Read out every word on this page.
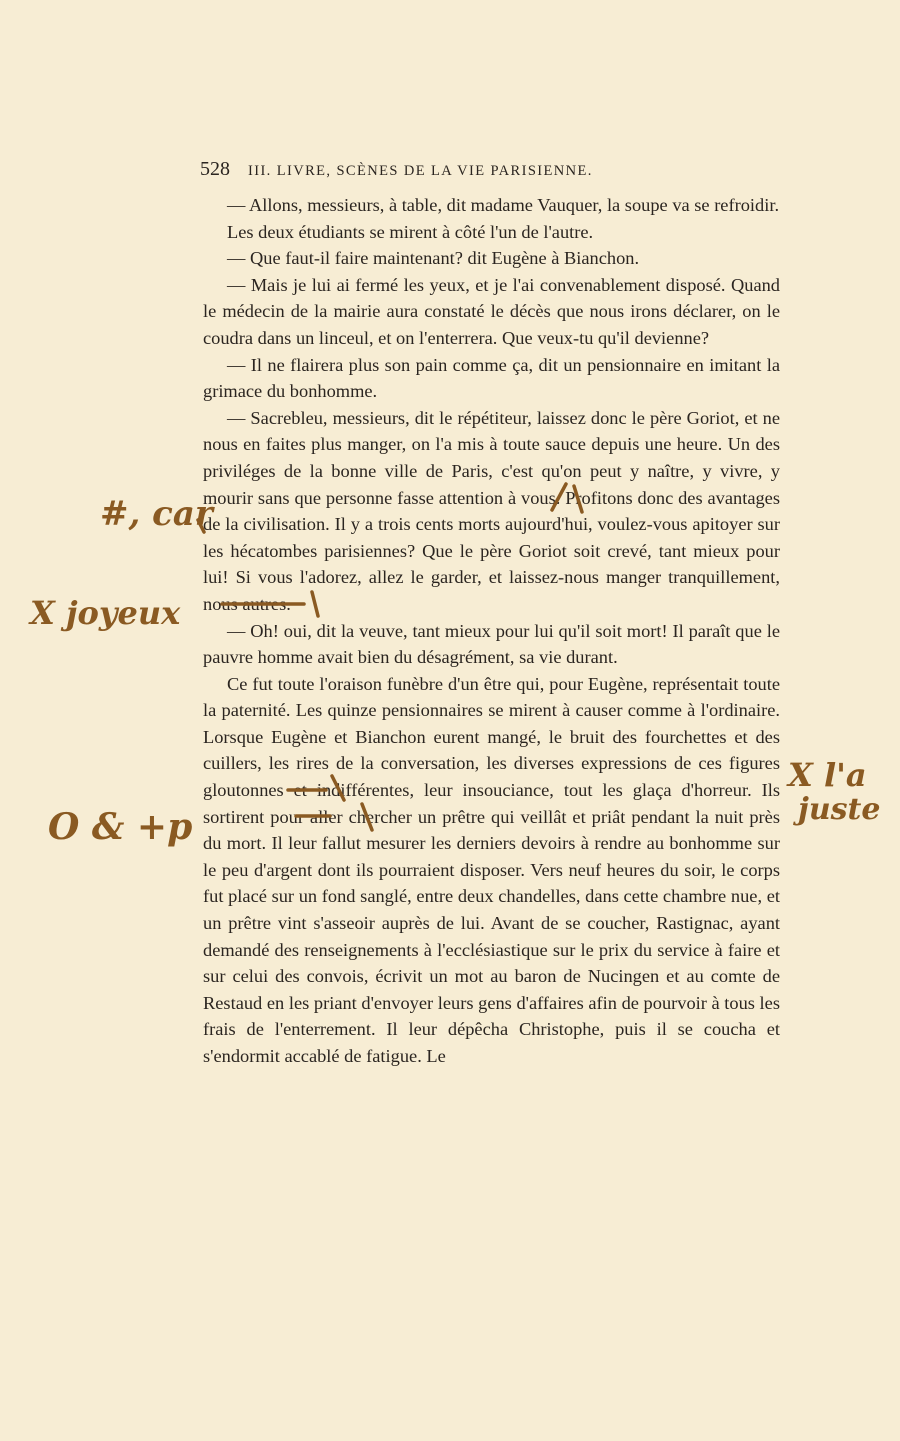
528 III. LIVRE, SCÈNES DE LA VIE PARISIENNE.

— Allons, messieurs, à table, dit madame Vauquer, la soupe va se refroidir.

Les deux étudiants se mirent à côté l'un de l'autre.

— Que faut-il faire maintenant? dit Eugène à Bianchon.

— Mais je lui ai fermé les yeux, et je l'ai convenablement disposé. Quand le médecin de la mairie aura constaté le décès que nous irons déclarer, on le coudra dans un linceul, et on l'enterrera. Que veux-tu qu'il devienne?

— Il ne flairera plus son pain comme ça, dit un pensionnaire en imitant la grimace du bonhomme.

— Sacrebleu, messieurs, dit le répétiteur, laissez donc le père Goriot, et ne nous en faites plus manger, on l'a mis à toute sauce depuis une heure. Un des priviléges de la bonne ville de Paris, c'est qu'on peut y naître, y vivre, y mourir sans que personne fasse attention à vous. Profitons donc des avantages de la civilisation. Il y a trois cents morts aujourd'hui, voulez-vous apitoyer sur les hécatombes parisiennes? Que le père Goriot soit crevé, tant mieux pour lui! Si vous l'adorez, allez le garder, et laissez-nous manger tranquillement, nous autres.

— Oh! oui, dit la veuve, tant mieux pour lui qu'il soit mort! Il paraît que le pauvre homme avait bien du désagrément, sa vie durant.

Ce fut toute l'oraison funèbre d'un être qui, pour Eugène, représentait toute la paternité. Les quinze pensionnaires se mirent à causer comme à l'ordinaire. Lorsque Eugène et Bianchon eurent mangé, le bruit des fourchettes et des cuillers, les rires de la conversation, les diverses expressions de ces figures gloutonnes et indifférentes, leur insouciance, tout les glaça d'horreur. Ils sortirent pour aller chercher un prêtre qui veillât et priât pendant la nuit près du mort. Il leur fallut mesurer les derniers devoirs à rendre au bonhomme sur le peu d'argent dont ils pourraient disposer. Vers neuf heures du soir, le corps fut placé sur un fond sanglé, entre deux chandelles, dans cette chambre nue, et un prêtre vint s'asseoir auprès de lui. Avant de se coucher, Rastignac, ayant demandé des renseignements à l'ecclésiastique sur le prix du service à faire et sur celui des convois, écrivit un mot au baron de Nucingen et au comte de Restaud en les priant d'envoyer leurs gens d'affaires afin de pourvoir à tous les frais de l'enterrement. Il leur dépêcha Christophe, puis il se coucha et s'endormit accablé de fatigue. Le

#, car
X joyeux
O & +p
X l'a
juste
